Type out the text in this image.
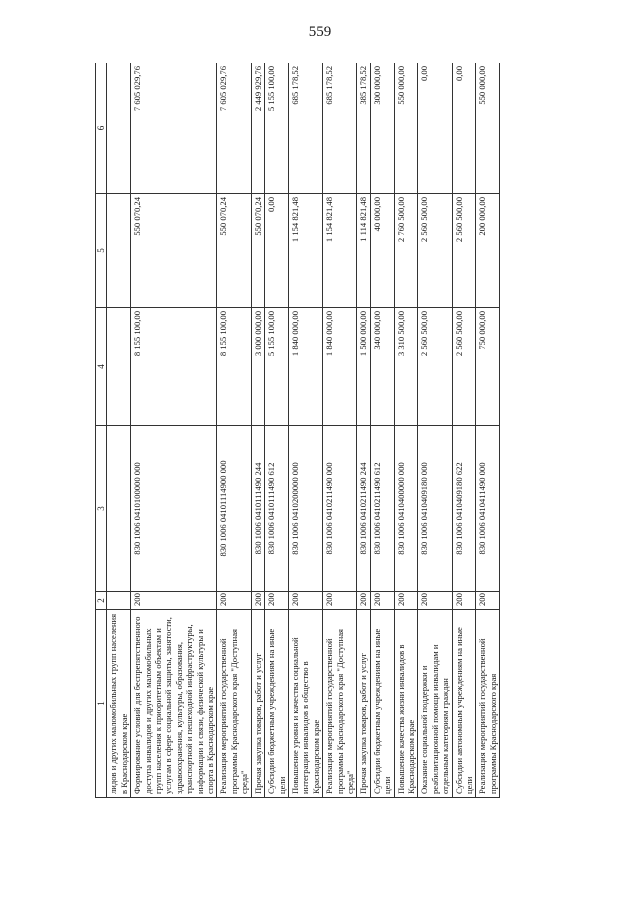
559
1	2	3	4	5	6
лидов и других маломобильных групп населения в Краснодарском крае					
Формирование условий для беспрепятственного доступа инвалидов и других маломобильных групп населения к приоритетным объектам и услугам в сфере социальной защиты, занятости, здравоохранения, культуры, образования, транспортной и пешеходной инфраструктуры, информации и связи, физической культуры и спорта в Краснодарском крае	200	830 1006 0410100000 000	8 155 100,00	550 070,24	7 605 029,76
Реализация мероприятий государственной программы Краснодарского края "Доступная среда"	200	830 1006 04101114900 000	8 155 100,00	550 070,24	7 605 029,76
Прочая закупка товаров, работ и услуг	200	830 1006 0410111490 244	3 000 000,00	550 070,24	2 449 929,76
Субсидии бюджетным учреждениям на иные цели	200	830 1006 0410111490 612	5 155 100,00	0,00	5 155 100,00
Повышение уровня и качества социальной интеграции инвалидов в общество в Краснодарском крае	200	830 1006 0410200000 000	1 840 000,00	1 154 821,48	685 178,52
Реализация мероприятий государственной программы Краснодарского края "Доступная среда"	200	830 1006 0410211490 000	1 840 000,00	1 154 821,48	685 178,52
Прочая закупка товаров, работ и услуг	200	830 1006 0410211490 244	1 500 000,00	1 114 821,48	385 178,52
Субсидии бюджетным учреждениям на иные цели	200	830 1006 0410211490 612	340 000,00	40 000,00	300 000,00
Повышение качества жизни инвалидов в Краснодарском крае	200	830 1006 0410400000 000	3 310 500,00	2 760 500,00	550 000,00
Оказание социальной поддержки и реабилитационной помощи инвалидам и отдельным категориям граждан	200	830 1006 0410409180 000	2 560 500,00	2 560 500,00	0,00
Субсидии автономным учреждениям на иные цели	200	830 1006 0410409180 622	2 560 500,00	2 560 500,00	0,00
Реализация мероприятий государственной программы Краснодарского края	200	830 1006 0410411490 000	750 000,00	200 000,00	550 000,00
